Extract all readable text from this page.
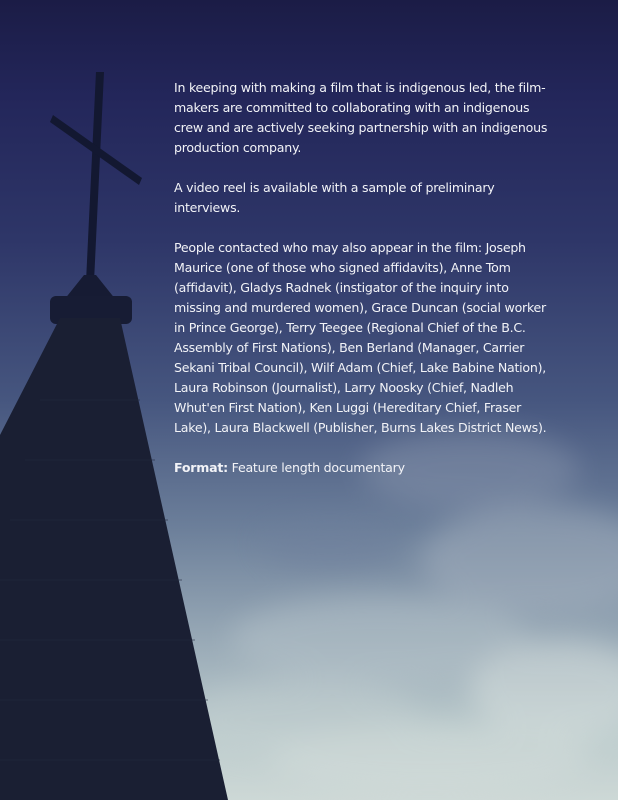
In keeping with making a film that is indigenous led, the film-makers are committed to collaborating with an indigenous crew and are actively seeking partnership with an indigenous production company.

A video reel is available with a sample of preliminary interviews.

People contacted who may also appear in the film: Joseph Maurice (one of those who signed affidavits), Anne Tom (affidavit), Gladys Radnek (instigator of the inquiry into missing and murdered women), Grace Duncan (social worker in Prince George), Terry Teegee (Regional Chief of the B.C. Assembly of First Nations), Ben Berland (Manager, Carrier Sekani Tribal Council), Wilf Adam (Chief, Lake Babine Nation), Laura Robinson (Journalist), Larry Noosky (Chief, Nadleh Whut'en First Nation), Ken Luggi (Hereditary Chief, Fraser Lake), Laura Blackwell (Publisher, Burns Lakes District News).

Format: Feature length documentary
